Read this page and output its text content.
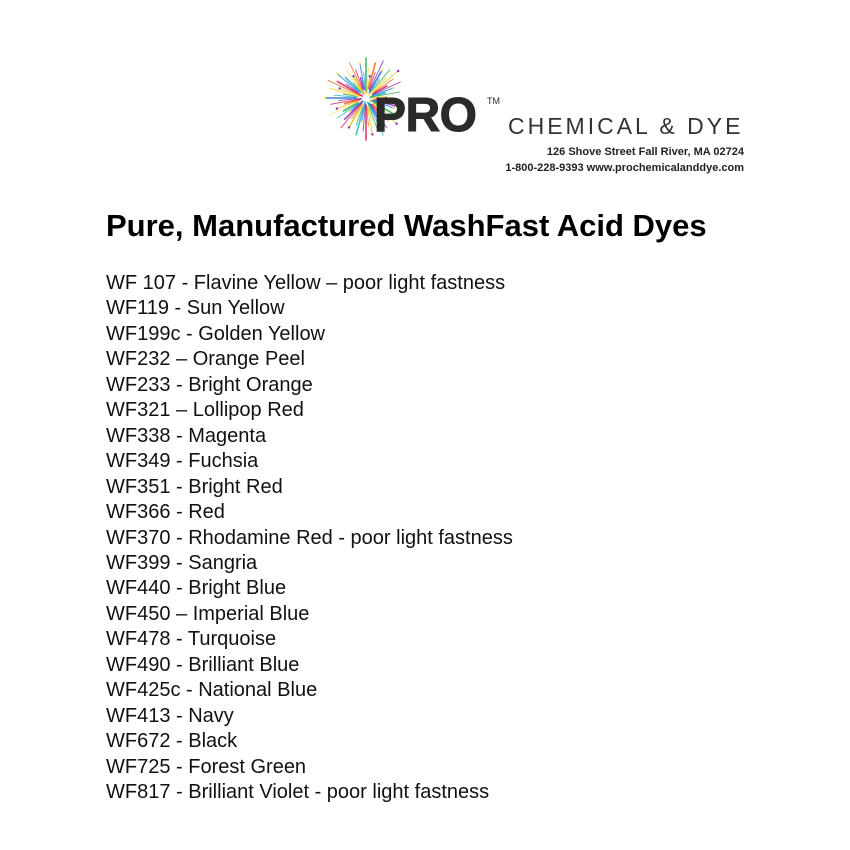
PRO TM
CHEMICAL & DYE
126 Shove Street Fall River, MA 02724
1-800-228-9393 www.prochemicalanddye.com
Pure, Manufactured WashFast Acid Dyes
WF 107 - Flavine Yellow – poor light fastness
WF119 - Sun Yellow
WF199c - Golden Yellow
WF232 – Orange Peel
WF233 - Bright Orange
WF321 – Lollipop Red
WF338 - Magenta
WF349 - Fuchsia
WF351 - Bright Red
WF366 - Red
WF370 - Rhodamine Red - poor light fastness
WF399 - Sangria
WF440 - Bright Blue
WF450 – Imperial Blue
WF478 - Turquoise
WF490 - Brilliant Blue
WF425c - National Blue
WF413 - Navy
WF672 - Black
WF725 - Forest Green
WF817 - Brilliant Violet - poor light fastness
